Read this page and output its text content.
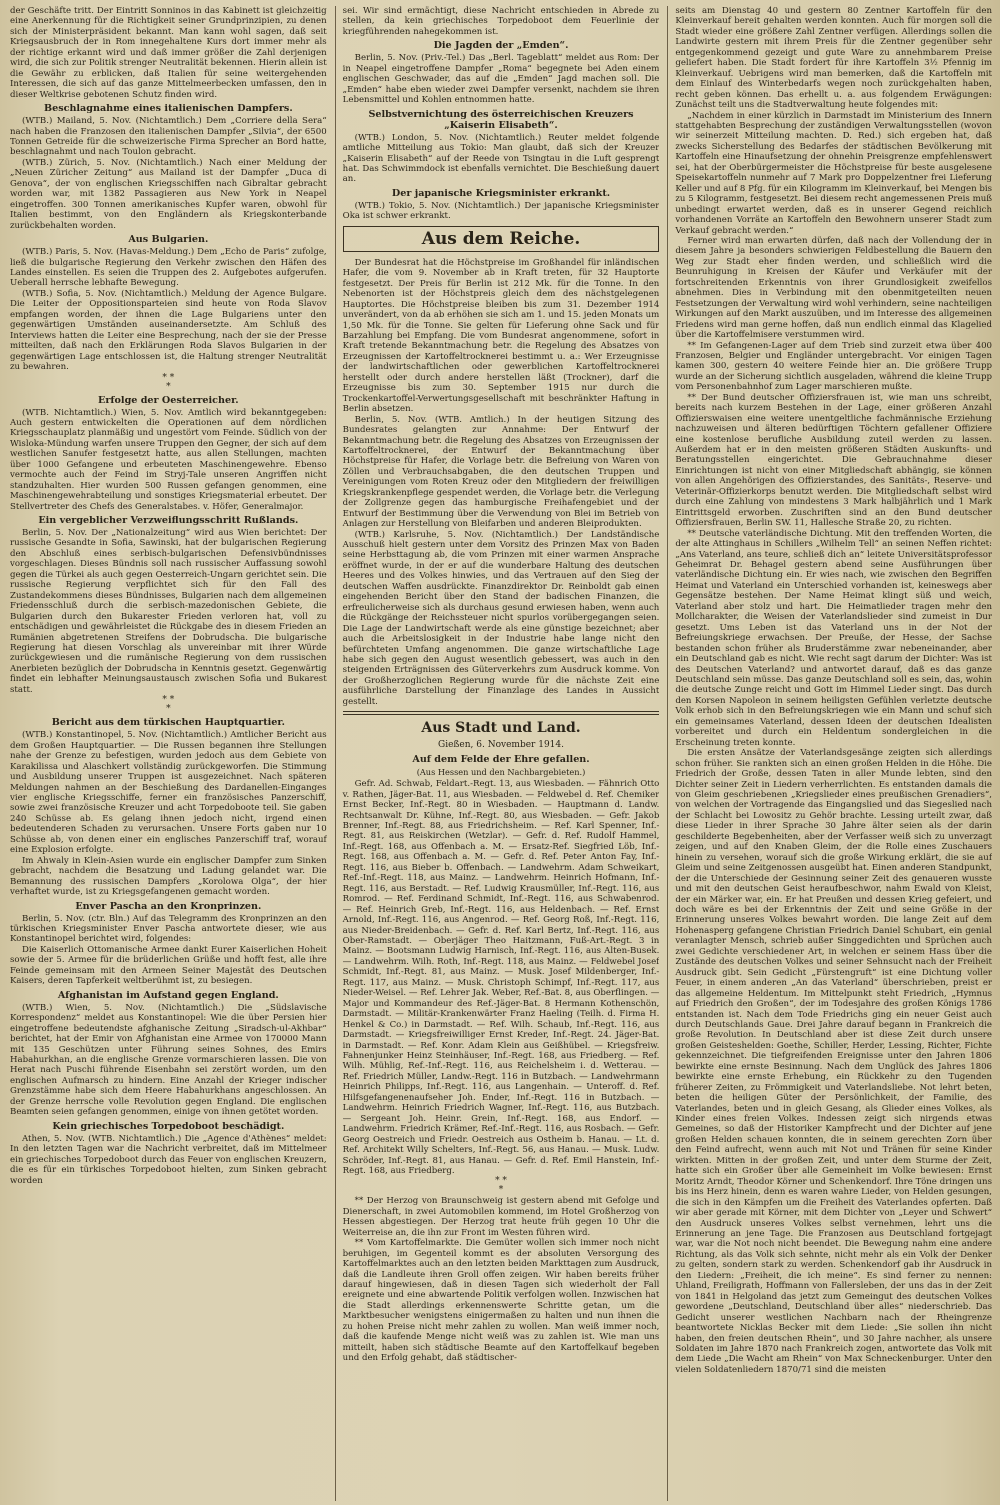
der Geschäfte tritt. Der Eintritt Sonninos in das Kabinett ist gleichzeitig eine Anerkennung für die Richtigkeit seiner Grundprinzipien, zu denen sich der Ministerpräsident bekannt. Man kann wohl sagen, daß seit Kriegsausbruch der in Rom innegehaltene Kurs dort immer mehr als der richtige erkannt wird und daß immer größer die Zahl derjenigen wird, die sich zur Politik strenger Neutralität bekennen. Hierin allein ist die Gewähr zu erblicken, daß Italien für seine weitergehenden Interessen, die sich auf das ganze Mittelmeerbecken umfassen, den in dieser Weltkrise gebotenen Schutz finden wird.

Beschlagnahme eines italienischen Dampfers.

(WTB.) Mailand, 5. Nov. (Nichtamtlich.) Dem „Corriere della Sera“ nach haben die Franzosen den italienischen Dampfer „Silvia“, der 6500 Tonnen Getreide für die schweizerische Firma Sprecher an Bord hatte, beschlagnahmt und nach Toulon gebracht.

(WTB.) Zürich, 5. Nov. (Nichtamtlich.) Nach einer Meldung der „Neuen Züricher Zeitung“ aus Mailand ist der Dampfer „Duca di Genova“, der von englischen Kriegsschiffen nach Gibraltar gebracht worden war, mit 1382 Passagieren aus New York in Neapel eingetroffen. 300 Tonnen amerikanisches Kupfer waren, obwohl für Italien bestimmt, von den Engländern als Kriegskonterbande zurückbehalten worden.

Aus Bulgarien.

(WTB.) Paris, 5. Nov. (Havas-Meldung.) Dem „Echo de Paris“ zufolge, ließ die bulgarische Regierung den Verkehr zwischen den Häfen des Landes einstellen. Es seien die Truppen des 2. Aufgebotes aufgerufen. Ueberall herrsche lebhafte Bewegung.

(WTB.) Sofia, 5. Nov. (Nichtamtlich.) Meldung der Agence Bulgare. Die Leiter der Oppositionsparteien sind heute von Roda Slavov empfangen worden, der ihnen die Lage Bulgariens unter den gegenwärtigen Umständen auseinandersetzte. Am Schluß des Interviews hatten die Leiter eine Besprechung, nach der sie der Presse mitteilten, daß nach den Erklärungen Roda Slavos Bulgarien in der gegenwärtigen Lage entschlossen ist, die Haltung strenger Neutralität zu bewahren.

* *
*
Erfolge der Oesterreicher.

(WTB. Nichtamtlich.) Wien, 5. Nov. Amtlich wird bekanntgegeben: Auch gestern entwickelten die Operationen auf dem nördlichen Kriegsschauplatz planmäßig und ungestört vom Feinde. Südlich von der Wisloka-Mündung warfen unsere Truppen den Gegner, der sich auf dem westlichen Sanufer festgesetzt hatte, aus allen Stellungen, machten über 1000 Gefangene und erbeuteten Maschinengewehre. Ebenso vermochte auch der Feind im Stryj-Tale unseren Angriffen nicht standzuhalten. Hier wurden 500 Russen gefangen genommen, eine Maschinengewehrabteilung und sonstiges Kriegsmaterial erbeutet. Der Stellvertreter des Chefs des Generalstabes. v. Höfer, Generalmajor.

Ein vergeblicher Verzweiflungsschritt Rußlands.

Berlin, 5. Nov. Der „Nationalzeitung“ wird aus Wien berichtet: Der russische Gesandte in Sofia, Sawinski, hat der bulgarischen Regierung den Abschluß eines serbisch-bulgarischen Defensivbündnisses vorgeschlagen. Dieses Bündnis soll nach russischer Auffassung sowohl gegen die Türkei als auch gegen Oesterreich-Ungarn gerichtet sein. Die russische Regierung verpflichtet sich für den Fall des Zustandekommens dieses Bündnisses, Bulgarien nach dem allgemeinen Friedensschluß durch die serbisch-mazedonischen Gebiete, die Bulgarien durch den Bukarester Frieden verloren hat, voll zu entschädigen und gewährleistet die Rückgabe des in diesem Frieden an Rumänien abgetretenen Streifens der Dobrudscha. Die bulgarische Regierung hat diesen Vorschlag als unvereinbar mit ihrer Würde zurückgewiesen und die rumänische Regierung von dem russischen Anerbieten bezüglich der Dobrudscha in Kenntnis gesetzt. Gegenwärtig findet ein lebhafter Meinungsaustausch zwischen Sofia und Bukarest statt.

* *
*
Bericht aus dem türkischen Hauptquartier.

(WTB.) Konstantinopel, 5. Nov. (Nichtamtlich.) Amtlicher Bericht aus dem Großen Hauptquartier. — Die Russen begannen ihre Stellungen nahe der Grenze zu befestigen, wurden jedoch aus dem Gebiete von Karakilissa und Alaschkert vollständig zurückgeworfen. Die Stimmung und Ausbildung unserer Truppen ist ausgezeichnet. Nach späteren Meldungen nahmen an der Beschießung des Dardanellen-Einganges vier englische Kriegsschiffe, ferner ein französisches Panzerschiff, sowie zwei französische Kreuzer und acht Torpedoboote teil. Sie gaben 240 Schüsse ab. Es gelang ihnen jedoch nicht, irgend einen bedeutenderen Schaden zu verursachen. Unsere Forts gaben nur 10 Schüsse ab, von denen einer ein englisches Panzerschiff traf, worauf eine Explosion erfolgte.

Im Ahwaly in Klein-Asien wurde ein englischer Dampfer zum Sinken gebracht, nachdem die Besatzung und Ladung gelandet war. Die Bemannung des russischen Dampfers „Korolowa Olga“, der hier verhaftet wurde, ist zu Kriegsgefangenen gemacht worden.

Enver Pascha an den Kronprinzen.

Berlin, 5. Nov. (ctr. Bln.) Auf das Telegramm des Kronprinzen an den türkischen Kriegsminister Enver Pascha antwortete dieser, wie aus Konstantinopel berichtet wird, folgendes:

Die Kaiserlich Ottomanische Armee dankt Eurer Kaiserlichen Hoheit sowie der 5. Armee für die brüderlichen Grüße und hofft fest, alle ihre Feinde gemeinsam mit den Armeen Seiner Majestät des Deutschen Kaisers, deren Tapferkeit weltberühmt ist, zu besiegen.

Afghanistan im Aufstand gegen England.

(WTB.) Wien, 5. Nov. (Nichtamtlich.) Die „Südslavische Korrespondenz“ meldet aus Konstantinopel: Wie die über Persien hier eingetroffene bedeutendste afghanische Zeitung „Siradsch-ul-Akhbar“ berichtet, hat der Emir von Afghanistan eine Armee von 170000 Mann mit 135 Geschützen unter Führung seines Sohnes, des Emirs Habahurkhan, an die englische Grenze vormarschieren lassen. Die von Herat nach Puschi führende Eisenbahn sei zerstört worden, um den englischen Aufmarsch zu hindern. Eine Anzahl der Krieger indischer Grenzstämme habe sich dem Heere Habahurkhans angeschlossen. An der Grenze herrsche volle Revolution gegen England. Die englischen Beamten seien gefangen genommen, einige von ihnen getötet worden.

Kein griechisches Torpedoboot beschädigt.

Athen, 5. Nov. (WTB. Nichtamtlich.) Die „Agence d'Athènes“ meldet: In den letzten Tagen war die Nachricht verbreitet, daß im Mittelmeer ein griechisches Torpedoboot durch das Feuer von englischen Kreuzern, die es für ein türkisches Torpedoboot hielten, zum Sinken gebracht worden

sei. Wir sind ermächtigt, diese Nachricht entschieden in Abrede zu stellen, da kein griechisches Torpedoboot dem Feuerlinie der kriegführenden nahegekommen ist.

Die Jagden der „Emden“.

Berlin, 5. Nov. (Priv.-Tel.) Das „Berl. Tageblatt“ meldet aus Rom: Der in Neapel eingetroffene Dampfer „Roma“ begegnete bei Aden einem englischen Geschwader, das auf die „Emden“ Jagd machen soll. Die „Emden“ habe eben wieder zwei Dampfer versenkt, nachdem sie ihren Lebensmittel und Kohlen entnommen hatte.

Selbstvernichtung des österreichischen Kreuzers „Kaiserin Elisabeth“.

(WTB.) London, 5. Nov. (Nichtamtlich.) Reuter meldet folgende amtliche Mitteilung aus Tokio: Man glaubt, daß sich der Kreuzer „Kaiserin Elisabeth“ auf der Reede von Tsingtau in die Luft gesprengt hat. Das Schwimmdock ist ebenfalls vernichtet. Die Beschießung dauert an.

Der japanische Kriegsminister erkrankt.

(WTB.) Tokio, 5. Nov. (Nichtamtlich.) Der japanische Kriegsminister Oka ist schwer erkrankt.

Aus dem Reiche.

Der Bundesrat hat die Höchstpreise im Großhandel für inländischen Hafer, die vom 9. November ab in Kraft treten, für 32 Hauptorte festgesetzt. Der Preis für Berlin ist 212 Mk. für die Tonne. In den Nebenorten ist der Höchstpreis gleich dem des nächstgelegenen Hauptortes. Die Höchstpreise bleiben bis zum 31. Dezember 1914 unverändert, von da ab erhöhen sie sich am 1. und 15. jeden Monats um 1,50 Mk. für die Tonne. Sie gelten für Lieferung ohne Sack und für Barzahlung bei Empfang. Die vom Bundesrat angenommene, sofort in Kraft tretende Bekanntmachung betr. die Regelung des Absatzes von Erzeugnissen der Kartoffeltrocknerei bestimmt u. a.: Wer Erzeugnisse der landwirtschaftlichen oder gewerblichen Kartoffeltrocknerei herstellt oder durch andere herstellen läßt (Trockner), darf die Erzeugnisse bis zum 30. September 1915 nur durch die Trockenkartoffel-Verwertungsgesellschaft mit beschränkter Haftung in Berlin absetzen.

Berlin, 5. Nov. (WTB. Amtlich.) In der heutigen Sitzung des Bundesrates gelangten zur Annahme: Der Entwurf der Bekanntmachung betr. die Regelung des Absatzes von Erzeugnissen der Kartoffeltrocknerei, der Entwurf der Bekanntmachung über Höchstpreise für Hafer, die Vorlage betr. die Befreiung von Waren von Zöllen und Verbrauchsabgaben, die den deutschen Truppen und Vereinigungen vom Roten Kreuz oder den Mitgliedern der freiwilligen Kriegskrankenpflege gespendet werden, die Vorlage betr. die Verlegung der Zollgrenze gegen das hamburgische Freihafengebiet und der Entwurf der Bestimmung über die Verwendung von Blei im Betrieb von Anlagen zur Herstellung von Bleifarben und anderen Bleiprodukten.

(WTB.) Karlsruhe, 5. Nov. (Nichtamtlich.) Der Landständische Ausschuß hielt gestern unter dem Vorsitz des Prinzen Max von Baden seine Herbsttagung ab, die vom Prinzen mit einer warmen Ansprache eröffnet wurde, in der er auf die wunderbare Haltung des deutschen Heeres und des Volkes hinwies, und das Vertrauen auf den Sieg der deutschen Waffen ausdrückte. Finanzdirektor Dr. Reinboldt gab einen eingehenden Bericht über den Stand der badischen Finanzen, die erfreulicherweise sich als durchaus gesund erwiesen haben, wenn auch die Rückgänge der Reichssteuer nicht spurlos vorübergegangen seien. Die Lage der Landwirtschaft werde als eine günstige bezeichnet; aber auch die Arbeitslosigkeit in der Industrie habe lange nicht den befürchteten Umfang angenommen. Die ganze wirtschaftliche Lage habe sich gegen den August wesentlich gebessert, was auch in den steigenden Erträgnissen des Güterverkehrs zum Ausdruck komme. Von der Großherzoglichen Regierung wurde für die nächste Zeit eine ausführliche Darstellung der Finanzlage des Landes in Aussicht gestellt.

Aus Stadt und Land.
Gießen, 6. November 1914.
Auf dem Felde der Ehre gefallen.
(Aus Hessen und den Nachbargebieten.)

Gefr. Ad. Schwab, Feldart.-Regt. 13, aus Wiesbaden. — Fähnrich Otto v. Rathen, Jäger-Bat. 11, aus Wiesbaden. — Feldwebel d. Ref. Chemiker Ernst Becker, Inf.-Regt. 80 in Wiesbaden. — Hauptmann d. Landw. Rechtsanwalt Dr. Kühne, Inf.-Regt. 80, aus Wiesbaden. — Gefr. Jakob Brenner, Inf.-Regt. 88, aus Friedrichsheim. — Ref. Karl Spenner, Inf.-Regt. 81, aus Reiskirchen (Wetzlar). — Gefr. d. Ref. Rudolf Hammel, Inf.-Regt. 168, aus Offenbach a. M. — Ersatz-Ref. Siegfried Löb, Inf.-Regt. 168, aus Offenbach a. M. — Gefr. d. Ref. Peter Anton Fay, Inf.-Regt. 116, aus Bieber b. Offenbach. — Landwehrm. Adam Schweikart, Ref.-Inf.-Regt. 118, aus Mainz. — Landwehrm. Heinrich Hofmann, Inf.-Regt. 116, aus Berstadt. — Ref. Ludwig Krausmüller, Inf.-Regt. 116, aus Romrod. — Ref. Ferdinand Schmidt, Inf.-Regt. 116, aus Schwabenrod. — Ref. Heinrich Greb, Inf.-Regt. 116, aus Heldenbach. — Ref. Ernst Arnold, Inf.-Regt. 116, aus Angenrod. — Ref. Georg Roß, Inf.-Regt. 116, aus Nieder-Breidenbach. — Gefr. d. Ref. Karl Bertz, Inf.-Regt. 116, aus Ober-Ramstadt. — Oberjäger Theo Haitzmann, Fuß-Art.-Regt. 3 in Mainz. — Bootsmann Ludwig Harnisch, Inf.-Regt. 116, aus Alten-Busek. — Landwehrm. Wilh. Roth, Inf.-Regt. 118, aus Mainz. — Feldwebel Josef Schmidt, Inf.-Regt. 81, aus Mainz. — Musk. Josef Mildenberger, Inf.-Regt. 117, aus Mainz. — Musk. Christoph Schimpf, Inf.-Regt. 117, aus Nieder-Weisel. — Ref. Lehrer Jak. Weber, Ref.-Bat. 8, aus Oberflingen. — Major und Kommandeur des Ref.-Jäger-Bat. 8 Hermann Kothenschön, Darmstadt. — Militär-Krankenwärter Franz Haeling (Teilh. d. Firma H. Henkel & Co.) in Darmstadt. — Ref. Wilh. Schaub, Inf.-Regt. 116, aus Darmstadt. — Kriegsfreiwilliger Ernst Kreder, Inf.-Regt. 24. Jäger-Bat. in Darmstadt. — Ref. Konr. Adam Klein aus Geißhübel. — Kriegsfreiw. Fahnenjunker Heinz Steinhäuser, Inf.-Regt. 168, aus Friedberg. — Ref. Wilh. Mühlig, Ref.-Inf.-Regt. 116, aus Reichelsheim i. d. Wetterau. — Ref. Friedrich Müller, Landw.-Regt. 116 in Butzbach. — Landwehrmann Heinrich Philipps, Inf.-Regt. 116, aus Langenhain. — Unteroff. d. Ref. Hilfsgefangenenaufseher Joh. Ender, Inf.-Regt. 116 in Butzbach. — Landwehrm. Heinrich Friedrich Wagner, Inf.-Regt. 116, aus Butzbach. — Sergeant Joh. Heinr. Grein, Inf.-Regt. 168, aus Endorf. — Landwehrm. Friedrich Krämer, Ref.-Inf.-Regt. 116, aus Rosbach. — Gefr. Georg Oestreich und Friedr. Oestreich aus Ostheim b. Hanau. — Lt. d. Ref. Architekt Willy Schelters, Inf.-Regt. 56, aus Hanau. — Musk. Ludw. Schröder, Inf.-Regt. 81, aus Hanau. — Gefr. d. Ref. Emil Hanstein, Inf.-Regt. 168, aus Friedberg.

* *
*

** Der Herzog von Braunschweig ist gestern abend mit Gefolge und Dienerschaft, in zwei Automobilen kommend, im Hotel Großherzog von Hessen abgestiegen. Der Herzog trat heute früh gegen 10 Uhr die Weiterreise an, die ihn zur Front im Westen führen wird.

** Vom Kartoffelmarkte. Die Gemüter wollen sich immer noch nicht beruhigen, im Gegenteil kommt es der absoluten Versorgung des Kartoffelmarktes auch an den letzten beiden Markttagen zum Ausdruck, daß die Landleute ihren Groll offen zeigen. Wir haben bereits früher darauf hingewiesen, daß in diesen Tagen sich wiederholt der Fall ereignete und eine abwartende Politik verfolgen wollen. Inzwischen hat die Stadt allerdings erkennenswerte Schritte getan, um die Marktbesucher wenigstens einigermaßen zu halten und nun ihnen die zu hohen Preise nicht mehr zahlen zu wollen. Man weiß immer noch, daß die kaufende Menge nicht weiß was zu zahlen ist. Wie man uns mitteilt, haben sich städtische Beamte auf den Kartoffelkauf begeben und den Erfolg gehabt, daß städtischer-

seits am Dienstag 40 und gestern 80 Zentner Kartoffeln für den Kleinverkauf bereit gehalten werden konnten. Auch für morgen soll die Stadt wieder eine größere Zahl Zentner verfügen. Allerdings sollen die Landwirte gestern mit ihrem Preis für die Zentner gegenüber sehr entgegenkommend gezeigt und gute Ware zu annehmbarem Preise geliefert haben. Die Stadt fordert für ihre Kartoffeln 3½ Pfennig im Kleinverkauf. Uebrigens wird man bemerken, daß die Kartoffeln mit dem Einlauf des Winterbedarfs wegen noch zurückgehalten haben, recht geben können. Das erhellt u. a. aus folgendem Erwägungen: Zunächst teilt uns die Stadtverwaltung heute folgendes mit:

„Nachdem in einer kürzlich in Darmstadt im Ministerium des Innern stattgehabten Besprechung der zuständigen Verwaltungsstellen (wovon wir seinerzeit Mitteilung machten. D. Red.) sich ergeben hat, daß zwecks Sicherstellung des Bedarfes der städtischen Bevölkerung mit Kartoffeln eine Hinaufsetzung der ohnehin Preisgrenze empfehlenswert sei, hat der Oberbürgermeister die Höchstpreise für beste ausgelesene Speisekartoffeln nunmehr auf 7 Mark pro Doppelzentner frei Lieferung Keller und auf 8 Pfg. für ein Kilogramm im Kleinverkauf, bei Mengen bis zu 5 Kilogramm, festgesetzt. Bei diesem recht angemessenen Preis muß unbedingt erwartet werden, daß es in unserer Gegend reichlich vorhandenen Vorräte an Kartoffeln den Bewohnern unserer Stadt zum Verkauf gebracht werden.“

Ferner wird man erwarten dürfen, daß nach der Vollendung der in diesem Jahre ja besonders schwierigen Feldbestellung die Bauern den Weg zur Stadt eher finden werden, und schließlich wird die Beunruhigung in Kreisen der Käufer und Verkäufer mit der fortschreitenden Erkenntnis von ihrer Grundlosigkeit zweifellos abnehmen. Dies in Verbindung mit den obenmitgeteilten neuen Festsetzungen der Verwaltung wird wohl verhindern, seine nachteiligen Wirkungen auf den Markt auszuüben, und im Interesse des allgemeinen Friedens wird man gerne hoffen, daß nun endlich einmal das Klagelied über die Kartoffelmisere verstummen wird.

** Im Gefangenen-Lager auf dem Trieb sind zurzeit etwa über 400 Franzosen, Belgier und Engländer untergebracht. Vor einigen Tagen kamen 300, gestern 40 weitere Feinde hier an. Die größere Trupp wurde an der Sicherung sichtlich ausgeladen, während die kleine Trupp vom Personenbahnhof zum Lager marschieren mußte.

** Der Bund deutscher Offiziersfrauen ist, wie man uns schreibt, bereits nach kurzem Bestehen in der Lage, einer größeren Anzahl Offizierswaisen eine weitere unentgeltliche fachmännische Erziehung nachzuweisen und älteren bedürftigen Töchtern gefallener Offiziere eine kostenlose berufliche Ausbildung zuteil werden zu lassen. Außerdem hat er in den meisten größeren Städten Auskunfts- und Beratungsstellen eingerichtet. Die Gebrauchnahme dieser Einrichtungen ist nicht von einer Mitgliedschaft abhängig, sie können von allen Angehörigen des Offizierstandes, des Sanitäts-, Reserve- und Veterinär-Offizierkorps benutzt werden. Die Mitgliedschaft selbst wird durch eine Zahlung von mindestens 3 Mark halbjährlich und 1 Mark Eintrittsgeld erworben. Zuschriften sind an den Bund deutscher Offiziersfrauen, Berlin SW. 11, Hallesche Straße 20, zu richten.

** Deutsche vaterländische Dichtung. Mit den treffenden Worten, die der alte Attinghaus in Schillers „Wilhelm Tell“ an seinen Neffen richtet: „Ans Vaterland, ans teure, schließ dich an“ leitete Universitätsprofessor Geheimrat Dr. Behagel gestern abend seine Ausführungen über vaterländische Dichtung ein. Er wies nach, wie zwischen den Begriffen Heimat und Vaterland ein Unterschied vorhanden ist, keineswegs aber Gegensätze bestehen. Der Name Heimat klingt süß und weich, Vaterland aber stolz und hart. Die Heimatlieder tragen mehr den Mollcharakter, die Weisen der Vaterlandslieder sind zumeist in Dur gesetzt. Ums Leben ist das Vaterland uns in der Not der Befreiungskriege erwachsen. Der Preuße, der Hesse, der Sachse bestanden schon früher als Bruderstämme zwar nebeneinander, aber ein Deutschland gab es nicht. Wie recht sagt darum der Dichter: Was ist des Deutschen Vaterland? und antwortet darauf, daß es das ganze Deutschland sein müsse. Das ganze Deutschland soll es sein, das, wohin die deutsche Zunge reicht und Gott im Himmel Lieder singt. Das durch den Korsen Napoleon in seinem heiligsten Gefühlen verletzte deutsche Volk erhob sich in den Befreiungskriegen wie ein Mann und schuf sich ein gemeinsames Vaterland, dessen Ideen der deutschen Idealisten vorbereitet und durch ein Heldentum sondergleichen in die Erscheinung treten konnte.

Die ersten Ansätze der Vaterlandsgesänge zeigten sich allerdings schon früher. Sie rankten sich an einen großen Helden in die Höhe. Die Friedrich der Große, dessen Taten in aller Munde lebten, sind den Dichter seiner Zeit in Liedern verherrlichten. Es entstanden damals die von Gleim geschriebenen „Kriegslieder eines preußischen Grenadiers“, von welchen der Vortragende das Eingangslied und das Siegeslied nach der Schlacht bei Lowositz zu Gehör brachte. Lessing urteilt zwar, daß diese Lieder in ihrer Sprache 30 Jahre älter seien als der darin geschilderte Begebenheiten, aber der Verfasser weiß sich zu unverzagt zeigen, und auf den Knaben Gleim, der die Rolle eines Zuschauers hinein zu versehen, worauf sich die große Wirkung erklärt, die sie auf Gleim und seine Zeitgenossen ausgeübt hat. Einen anderen Standpunkt, der die Unterschiede der Gesinnung seiner Zeit des genaueren wusste und mit den deutschen Geist heraufbeschwor, nahm Ewald von Kleist, der ein Märker war, ein. Er hat Preußen und dessen Krieg gefeiert, und doch wäre es bei der Erkenntnis der Zeit und seine Größe in der Erinnerung unseres Volkes bewahrt worden. Die lange Zeit auf dem Hohenasperg gefangene Christian Friedrich Daniel Schubart, ein genial veranlagter Mensch, schrieb außer Singgedichten und Sprüchen auch zwei Gedichte verschiedener Art, in welchen er seinem Hass über die Zustände des deutschen Volkes und seiner Sehnsucht nach der Freiheit Ausdruck gibt. Sein Gedicht „Fürstengruft“ ist eine Dichtung voller Feuer, in einem anderen „An das Vaterland“ überschrieben, preist er das allgemeine Heldentum. Im Mittelpunkt steht Friedrich, „Hymnus auf Friedrich den Großen“, der im Todesjahre des großen Königs 1786 entstanden ist. Nach dem Tode Friedrichs ging ein neuer Geist auch durch Deutschlands Gaue. Drei Jahre darauf begann in Frankreich die große Revolution. In Deutschland aber ist diese Zeit durch unsere großen Geisteshelden: Goethe, Schiller, Herder, Lessing, Richter, Fichte gekennzeichnet. Die tiefgreifenden Ereignisse unter den Jahren 1806 bewirkte eine ernste Besinnung. Nach dem Unglück des Jahres 1806 bewirkte eine ernste Erhebung, ein Rückkehr zu den Tugenden früherer Zeiten, zu Frömmigkeit und Vaterlandsliebe. Not lehrt beten, beten die heiligen Güter der Persönlichkeit, der Familie, des Vaterlandes, beten und in gleich Gesang, als Glieder eines Volkes, als Kinder eines freien Volkes. Indessen zeigt sich nirgends etwas Gemeines, so daß der Historiker Kampfrecht und der Dichter auf jene großen Helden schauen konnten, die in seinem gerechten Zorn über den Feind aufrecht, wenn auch mit Not und Tränen für seine Kinder wirkten. Mitten in der großen Zeit, und unter dem Sturme der Zeit, hatte sich ein Großer über alle Gemeinheit im Volke bewiesen: Ernst Moritz Arndt, Theodor Körner und Schenkendorf. Ihre Töne dringen uns bis ins Herz hinein, denn es waren wahre Lieder, von Helden gesungen, die sich in den Kämpfen um die Freiheit des Vaterlandes opferten. Daß wir aber gerade mit Körner, mit dem Dichter von „Leyer und Schwert“ den Ausdruck unseres Volkes selbst vernehmen, lehrt uns die Erinnerung an jene Tage. Die Franzosen aus Deutschland fortgejagt war, war die Not noch nicht beendet. Die Bewegung nahm eine andere Richtung, als das Volk sich sehnte, nicht mehr als ein Volk der Denker zu gelten, sondern stark zu werden. Schenkendorf gab ihr Ausdruck in den Liedern: „Freiheit, die ich meine“. Es sind ferner zu nennen: Uhland, Freiligrath, Hoffmann von Fallersleben, der uns das in der Zeit von 1841 in Helgoland das jetzt zum Gemeingut des deutschen Volkes gewordene „Deutschland, Deutschland über alles“ niederschrieb. Das Gedicht unserer westlichen Nachbarn nach der Rheingrenze beantwortete Nicklas Becker mit dem Liede: „Sie sollen ihn nicht haben, den freien deutschen Rhein“, und 30 Jahre nachher, als unsere Soldaten im Jahre 1870 nach Frankreich zogen, antwortete das Volk mit dem Liede „Die Wacht am Rhein“ von Max Schneckenburger. Unter den vielen Soldatenliedern 1870/71 sind die meisten
